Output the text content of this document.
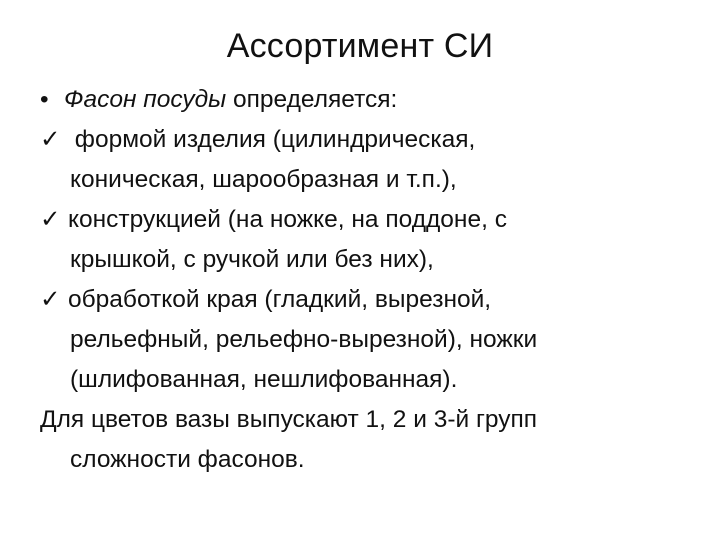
Ассортимент СИ
• Фасон посуды определяется:
✓ формой изделия (цилиндрическая,
коническая, шарообразная и т.п.),
✓ конструкцией (на ножке, на поддоне, с
крышкой, с ручкой или без них),
✓ обработкой края (гладкий, вырезной,
рельефный, рельефно-вырезной), ножки
(шлифованная, нешлифованная).
Для цветов вазы выпускают 1, 2 и 3-й групп
сложности фасонов.
